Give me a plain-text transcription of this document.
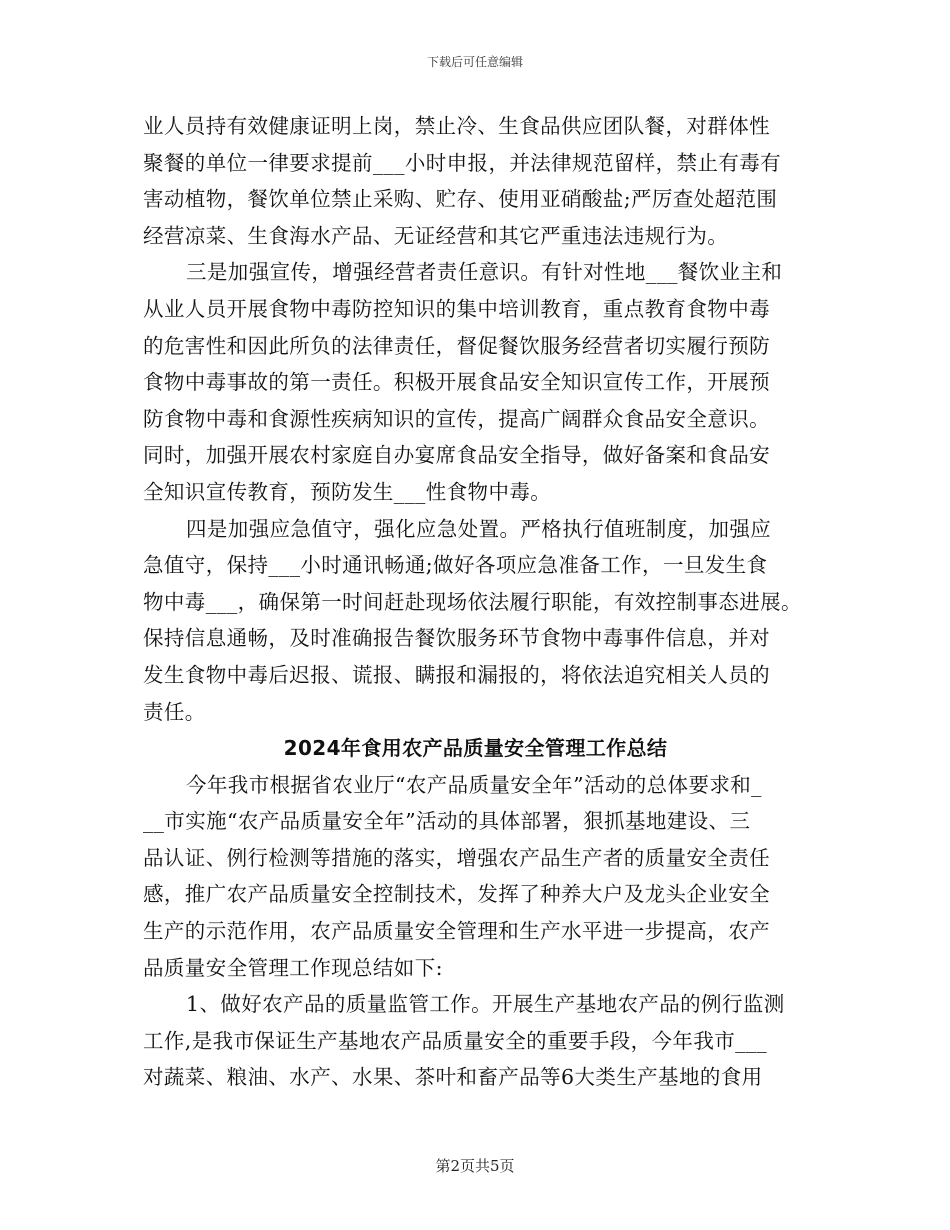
下载后可任意编辑
业人员持有效健康证明上岗，禁止冷、生食品供应团队餐，对群体性
聚餐的单位一律要求提前___小时申报，并法律规范留样，禁止有毒有
害动植物，餐饮单位禁止采购、贮存、使用亚硝酸盐;严厉查处超范围
经营凉菜、生食海水产品、无证经营和其它严重违法违规行为。
三是加强宣传，增强经营者责任意识。有针对性地___餐饮业主和
从业人员开展食物中毒防控知识的集中培训教育，重点教育食物中毒
的危害性和因此所负的法律责任，督促餐饮服务经营者切实履行预防
食物中毒事故的第一责任。积极开展食品安全知识宣传工作，开展预
防食物中毒和食源性疾病知识的宣传，提高广阔群众食品安全意识。
同时，加强开展农村家庭自办宴席食品安全指导，做好备案和食品安
全知识宣传教育，预防发生___性食物中毒。
四是加强应急值守，强化应急处置。严格执行值班制度，加强应
急值守，保持___小时通讯畅通;做好各项应急准备工作，一旦发生食
物中毒___，确保第一时间赶赴现场依法履行职能，有效控制事态进展。
保持信息通畅，及时准确报告餐饮服务环节食物中毒事件信息，并对
发生食物中毒后迟报、谎报、瞒报和漏报的，将依法追究相关人员的
责任。
2024年食用农产品质量安全管理工作总结
今年我市根据省农业厅“农产品质量安全年”活动的总体要求和_
__市实施“农产品质量安全年”活动的具体部署，狠抓基地建设、三
品认证、例行检测等措施的落实，增强农产品生产者的质量安全责任
感，推广农产品质量安全控制技术，发挥了种养大户及龙头企业安全
生产的示范作用，农产品质量安全管理和生产水平进一步提高，农产
品质量安全管理工作现总结如下:
1、做好农产品的质量监管工作。开展生产基地农产品的例行监测
工作,是我市保证生产基地农产品质量安全的重要手段，今年我市___
对蔬菜、粮油、水产、水果、茶叶和畜产品等6大类生产基地的食用
第2页共5页
